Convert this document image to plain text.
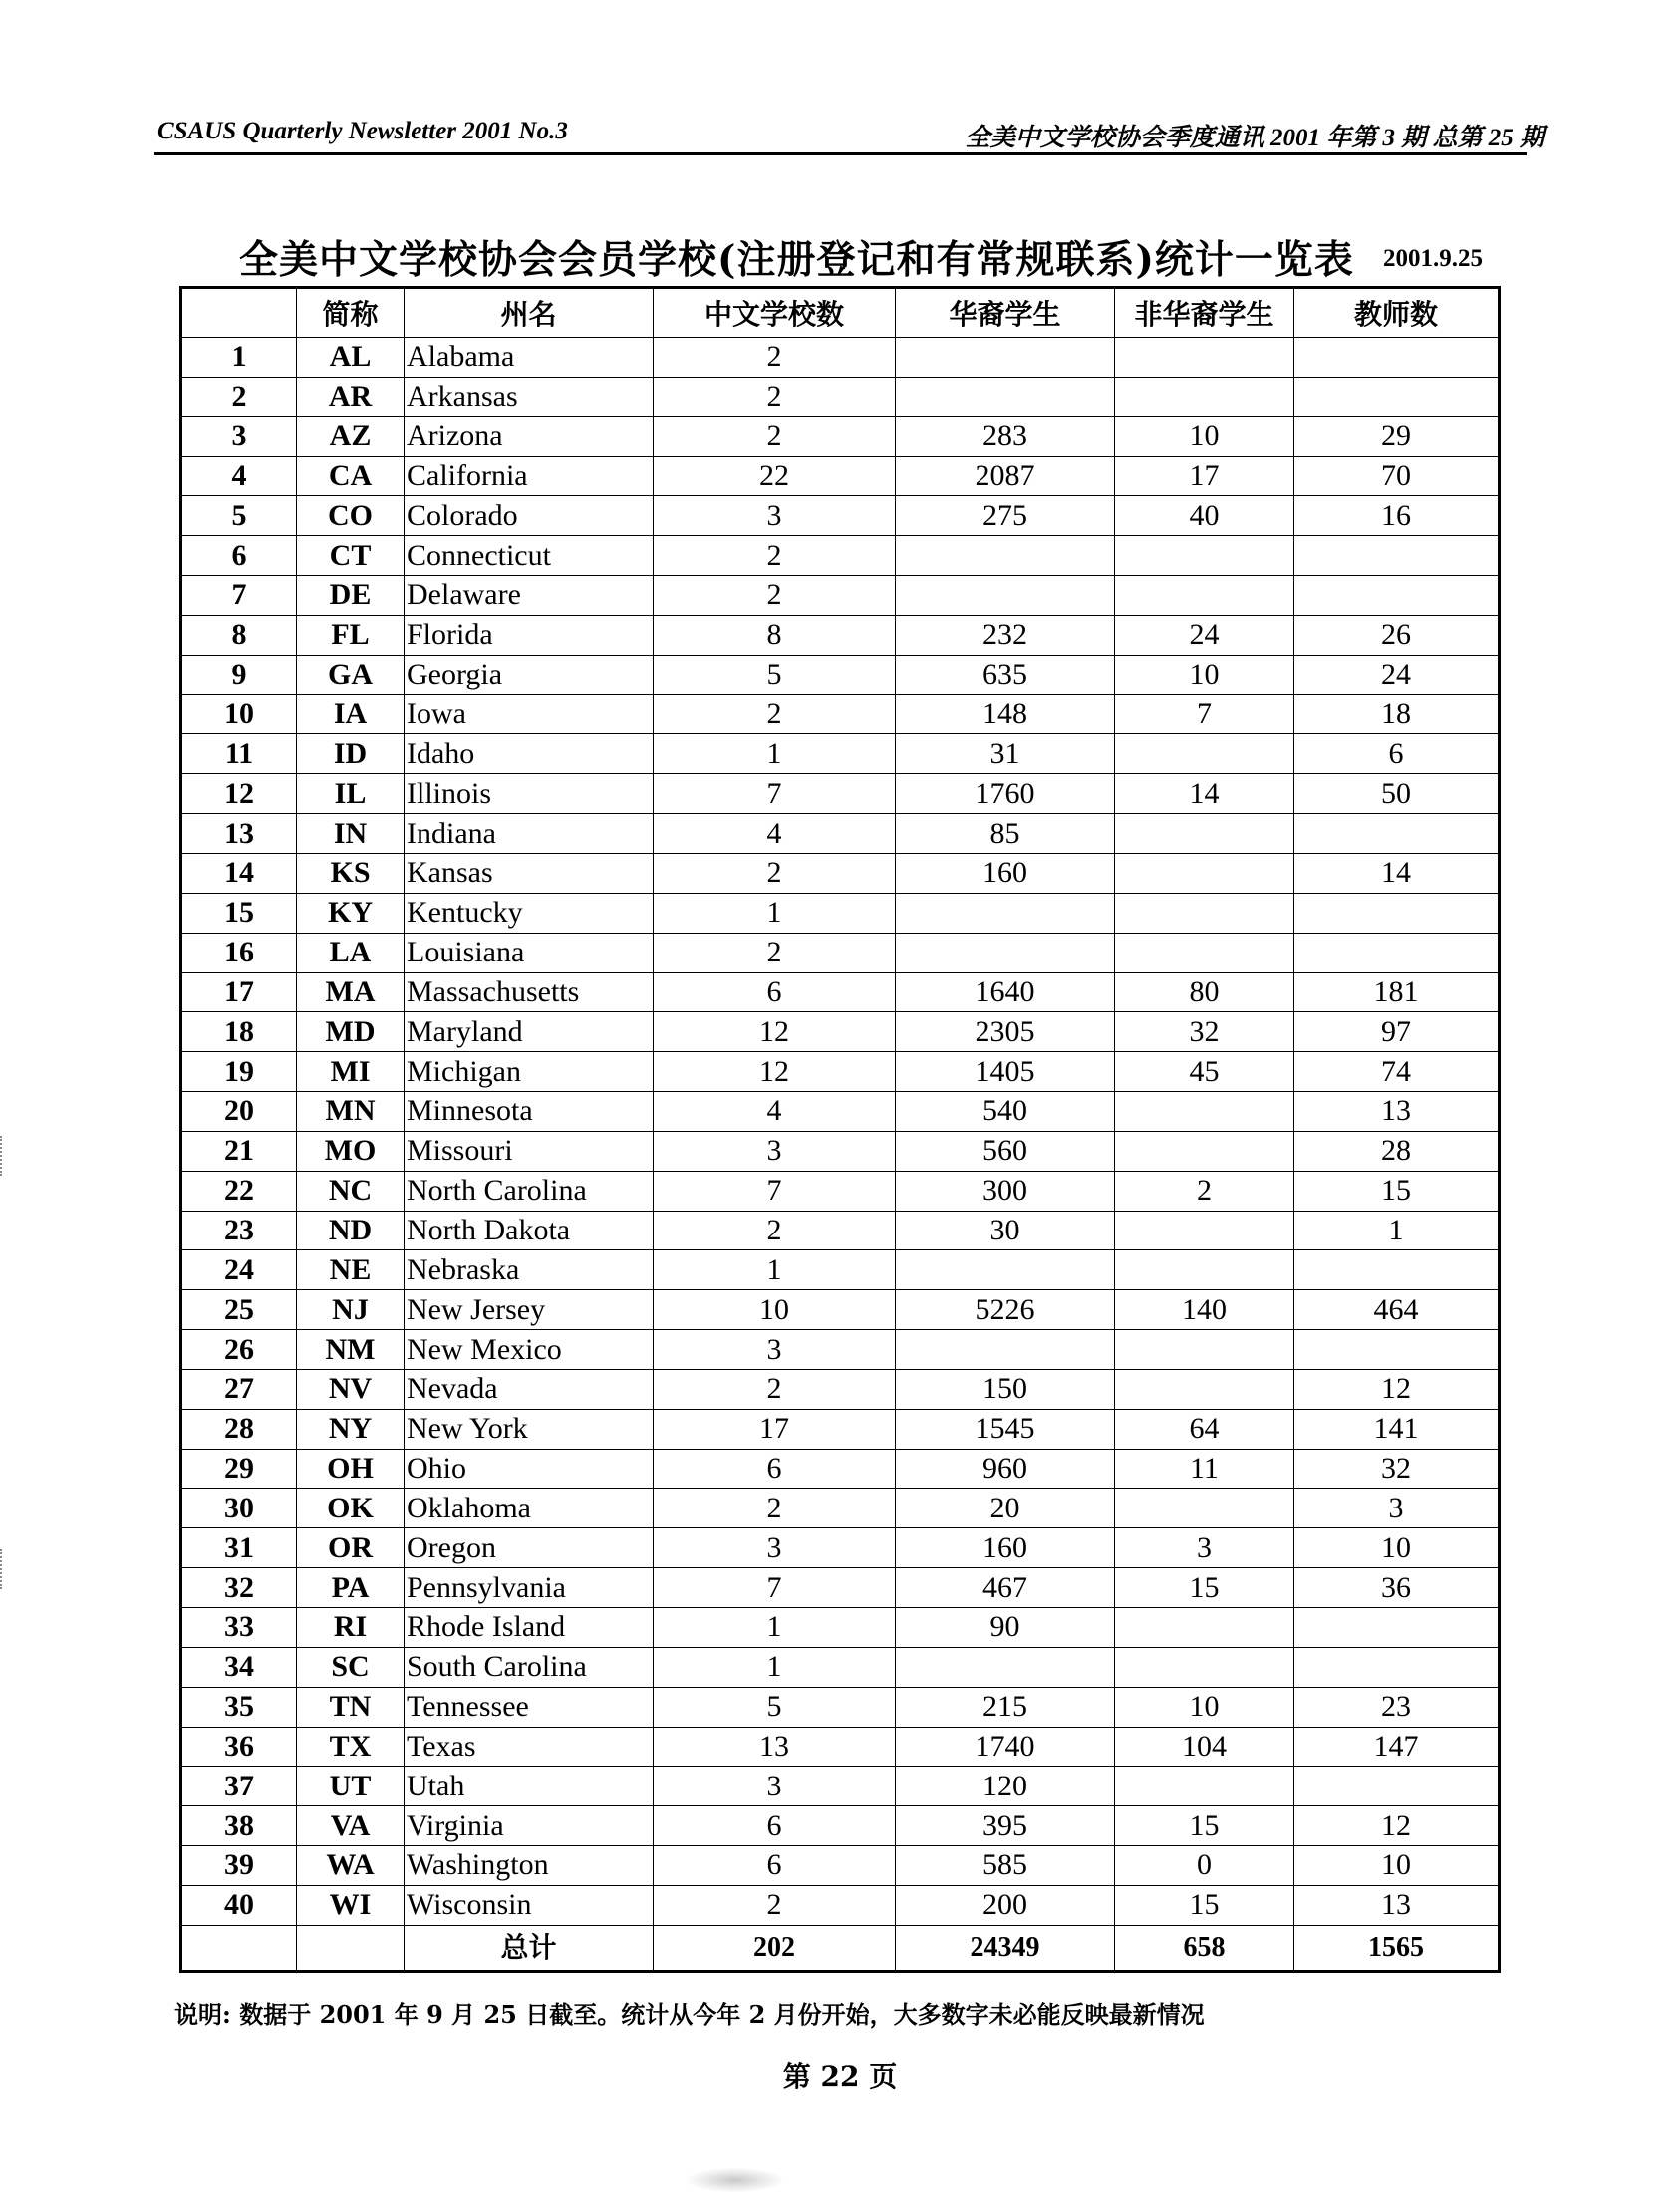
CSAUS Quarterly Newsletter 2001 No.3	全美中文学校协会季度通讯 2001 年第 3 期 总第 25 期
全美中文学校协会会员学校(注册登记和有常规联系)统计一览表 2001.9.25
	简称	州名	中文学校数	华裔学生	非华裔学生	教师数
1	AL	Alabama	2			
2	AR	Arkansas	2			
3	AZ	Arizona	2	283	10	29
4	CA	California	22	2087	17	70
5	CO	Colorado	3	275	40	16
6	CT	Connecticut	2			
7	DE	Delaware	2			
8	FL	Florida	8	232	24	26
9	GA	Georgia	5	635	10	24
10	IA	Iowa	2	148	7	18
11	ID	Idaho	1	31		6
12	IL	Illinois	7	1760	14	50
13	IN	Indiana	4	85		
14	KS	Kansas	2	160		14
15	KY	Kentucky	1			
16	LA	Louisiana	2			
17	MA	Massachusetts	6	1640	80	181
18	MD	Maryland	12	2305	32	97
19	MI	Michigan	12	1405	45	74
20	MN	Minnesota	4	540		13
21	MO	Missouri	3	560		28
22	NC	North Carolina	7	300	2	15
23	ND	North Dakota	2	30		1
24	NE	Nebraska	1			
25	NJ	New Jersey	10	5226	140	464
26	NM	New Mexico	3			
27	NV	Nevada	2	150		12
28	NY	New York	17	1545	64	141
29	OH	Ohio	6	960	11	32
30	OK	Oklahoma	2	20		3
31	OR	Oregon	3	160	3	10
32	PA	Pennsylvania	7	467	15	36
33	RI	Rhode Island	1	90		
34	SC	South Carolina	1			
35	TN	Tennessee	5	215	10	23
36	TX	Texas	13	1740	104	147
37	UT	Utah	3	120		
38	VA	Virginia	6	395	15	12
39	WA	Washington	6	585	0	10
40	WI	Wisconsin	2	200	15	13
		总计	202	24349	658	1565
说明: 数据于 2001 年 9 月 25 日截至。统计从今年 2 月份开始，大多数字未必能反映最新情况
第 22 页
